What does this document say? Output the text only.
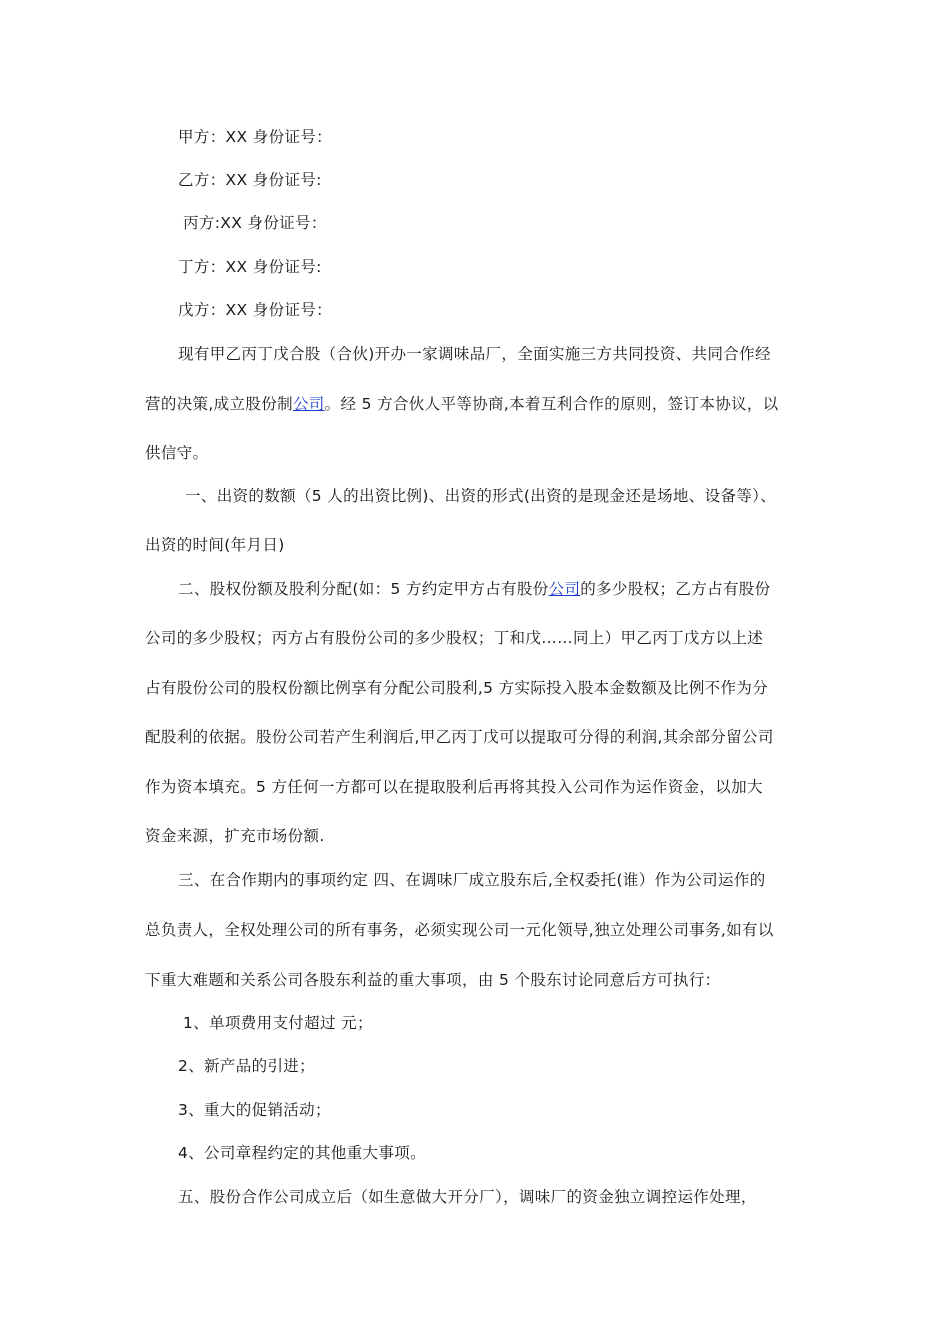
甲方：XX 身份证号：
乙方：XX 身份证号:
丙方:XX 身份证号：
丁方：XX 身份证号:
戊方：XX 身份证号：
现有甲乙丙丁戊合股（合伙)开办一家调味品厂，全面实施三方共同投资、共同合作经
营的决策,成立股份制公司。经 5 方合伙人平等协商,本着互利合作的原则，签订本协议，以
供信守。
一、出资的数额（5 人的出资比例)、出资的形式(出资的是现金还是场地、设备等）、
出资的时间(年月日)
二、股权份额及股利分配(如：5 方约定甲方占有股份公司的多少股权；乙方占有股份
公司的多少股权；丙方占有股份公司的多少股权；丁和戊……同上）甲乙丙丁戊方以上述
占有股份公司的股权份额比例享有分配公司股利,5 方实际投入股本金数额及比例不作为分
配股利的依据。股份公司若产生利润后,甲乙丙丁戊可以提取可分得的利润,其余部分留公司
作为资本填充。5 方任何一方都可以在提取股利后再将其投入公司作为运作资金，以加大
资金来源，扩充市场份额.
三、在合作期内的事项约定 四、在调味厂成立股东后,全权委托(谁）作为公司运作的
总负责人，全权处理公司的所有事务，必须实现公司一元化领导,独立处理公司事务,如有以
下重大难题和关系公司各股东利益的重大事项，由 5 个股东讨论同意后方可执行：
1、单项费用支付超过 元；
2、新产品的引进；
3、重大的促销活动；
4、公司章程约定的其他重大事项。
五、股份合作公司成立后（如生意做大开分厂），调味厂的资金独立调控运作处理，
